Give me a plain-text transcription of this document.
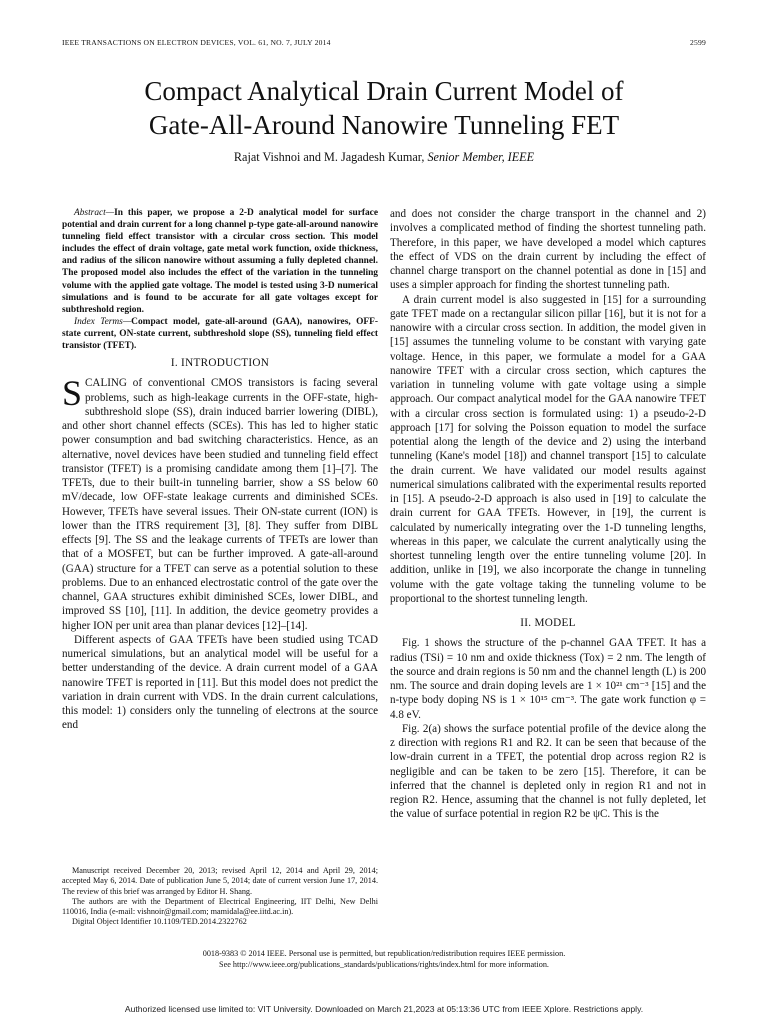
IEEE TRANSACTIONS ON ELECTRON DEVICES, VOL. 61, NO. 7, JULY 2014	2599
Compact Analytical Drain Current Model of
Gate-All-Around Nanowire Tunneling FET
Rajat Vishnoi and M. Jagadesh Kumar, Senior Member, IEEE

Abstract—In this paper, we propose a 2-D analytical model for surface potential and drain current for a long channel p-type gate-all-around nanowire tunneling field effect transistor with a circular cross section. This model includes the effect of drain voltage, gate metal work function, oxide thickness, and radius of the silicon nanowire without assuming a fully depleted channel. The proposed model also includes the effect of the variation in the tunneling volume with the applied gate voltage. The model is tested using 3-D numerical simulations and is found to be accurate for all gate voltages except for subthreshold region.

Index Terms—Compact model, gate-all-around (GAA), nanowires, OFF-state current, ON-state current, subthreshold slope (SS), tunneling field effect transistor (TFET).

I. INTRODUCTION

SCALING of conventional CMOS transistors is facing several problems, such as high-leakage currents in the OFF-state, high-subthreshold slope (SS), drain induced barrier lowering (DIBL), and other short channel effects (SCEs). This has led to higher static power consumption and bad switching characteristics. Hence, as an alternative, novel devices have been studied and tunneling field effect transistor (TFET) is a promising candidate among them [1]–[7]. The TFETs, due to their built-in tunneling barrier, show a SS below 60 mV/decade, low OFF-state leakage currents and diminished SCEs. However, TFETs have several issues. Their ON-state current (ION) is lower than the ITRS requirement [3], [8]. They suffer from DIBL effects [9]. The SS and the leakage currents of TFETs are lower than that of a MOSFET, but can be further improved. A gate-all-around (GAA) structure for a TFET can serve as a potential solution to these problems. Due to an enhanced electrostatic control of the gate over the channel, GAA structures exhibit diminished SCEs, lower DIBL, and improved SS [10], [11]. In addition, the device geometry provides a higher ION per unit area than planar devices [12]–[14].

Different aspects of GAA TFETs have been studied using TCAD numerical simulations, but an analytical model will be useful for a better understanding of the device. A drain current model of a GAA nanowire TFET is reported in [11]. But this model does not predict the variation in drain current with VDS. In the drain current calculations, this model: 1) considers only the tunneling of electrons at the source end

and does not consider the charge transport in the channel and 2) involves a complicated method of finding the shortest tunneling path. Therefore, in this paper, we have developed a model which captures the effect of VDS on the drain current by including the effect of channel charge transport on the channel potential as done in [15] and uses a simpler approach for finding the shortest tunneling path.

A drain current model is also suggested in [15] for a surrounding gate TFET made on a rectangular silicon pillar [16], but it is not for a nanowire with a circular cross section. In addition, the model given in [15] assumes the tunneling volume to be constant with varying gate voltage. Hence, in this paper, we formulate a model for a GAA nanowire TFET with a circular cross section, which captures the variation in tunneling volume with gate voltage using a simple approach. Our compact analytical model for the GAA nanowire TFET with a circular cross section is formulated using: 1) a pseudo-2-D approach [17] for solving the Poisson equation to model the surface potential along the length of the device and 2) using the interband tunneling (Kane's model [18]) and channel transport [15] to calculate the drain current. We have validated our model results against numerical simulations calibrated with the experimental results reported in [15]. A pseudo-2-D approach is also used in [19] to calculate the drain current for GAA TFETs. However, in [19], the current is calculated by numerically integrating over the 1-D tunneling lengths, whereas in this paper, we calculate the current analytically using the shortest tunneling length over the entire tunneling volume [20]. In addition, unlike in [19], we also incorporate the change in tunneling volume with the gate voltage taking the tunneling volume to be proportional to the shortest tunneling length.

II. MODEL

Fig. 1 shows the structure of the p-channel GAA TFET. It has a radius (TSi) = 10 nm and oxide thickness (Tox) = 2 nm. The length of the source and drain regions is 50 nm and the channel length (L) is 200 nm. The source and drain doping levels are 1 × 10²¹ cm⁻³ [15] and the n-type body doping NS is 1 × 10¹⁵ cm⁻³. The gate work function φ = 4.8 eV.

Fig. 2(a) shows the surface potential profile of the device along the z direction with regions R1 and R2. It can be seen that because of the low-drain current in a TFET, the potential drop across region R2 is negligible and can be taken to be zero [15]. Therefore, it can be inferred that the channel is depleted only in region R1 and not in region R2. Hence, assuming that the channel is not fully depleted, let the value of surface potential in region R2 be ψC. This is the

Manuscript received December 20, 2013; revised April 12, 2014 and April 29, 2014; accepted May 6, 2014. Date of publication June 5, 2014; date of current version June 17, 2014. The review of this brief was arranged by Editor H. Shang.

The authors are with the Department of Electrical Engineering, IIT Delhi, New Delhi 110016, India (e-mail: vishnoir@gmail.com; mamidala@ee.iitd.ac.in).

Digital Object Identifier 10.1109/TED.2014.2322762

0018-9383 © 2014 IEEE. Personal use is permitted, but republication/redistribution requires IEEE permission.
See http://www.ieee.org/publications_standards/publications/rights/index.html for more information.
Authorized licensed use limited to: VIT University. Downloaded on March 21,2023 at 05:13:36 UTC from IEEE Xplore. Restrictions apply.
